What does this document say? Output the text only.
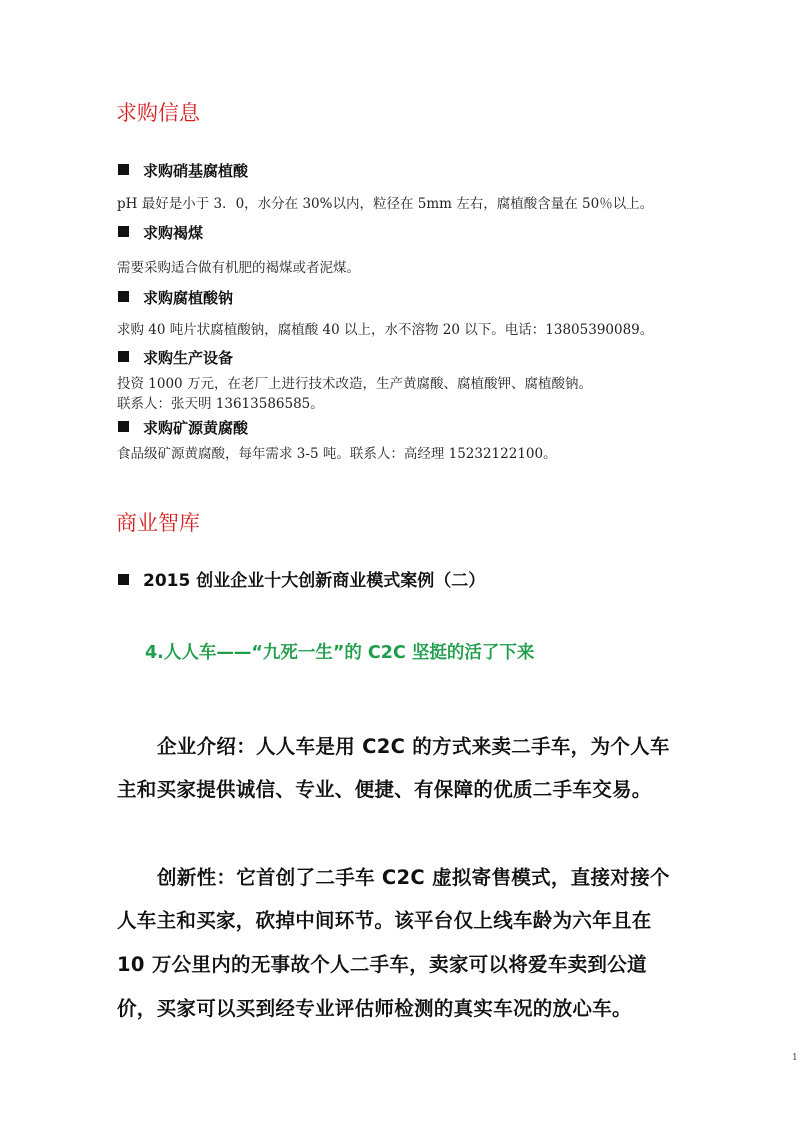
求购信息
求购硝基腐植酸
pH 最好是小于 3．0，水分在 30%以内，粒径在 5mm 左右，腐植酸含量在 50％以上。
求购褐煤
需要采购适合做有机肥的褐煤或者泥煤。
求购腐植酸钠
求购 40 吨片状腐植酸钠，腐植酸 40 以上，水不溶物 20 以下。电话：13805390089。
求购生产设备
投资 1000 万元，在老厂上进行技术改造，生产黄腐酸、腐植酸钾、腐植酸钠。
联系人：张天明 13613586585。
求购矿源黄腐酸
食品级矿源黄腐酸，每年需求 3-5 吨。联系人：高经理 15232122100。
商业智库
2015 创业企业十大创新商业模式案例（二）
4.人人车——“九死一生”的 C2C 坚挺的活了下来
企业介绍：人人车是用 C2C 的方式来卖二手车，为个人车
主和买家提供诚信、专业、便捷、有保障的优质二手车交易。
创新性：它首创了二手车 C2C 虚拟寄售模式，直接对接个
人车主和买家，砍掉中间环节。该平台仅上线车龄为六年且在
10 万公里内的无事故个人二手车，卖家可以将爱车卖到公道
价，买家可以买到经专业评估师检测的真实车况的放心车。
1
